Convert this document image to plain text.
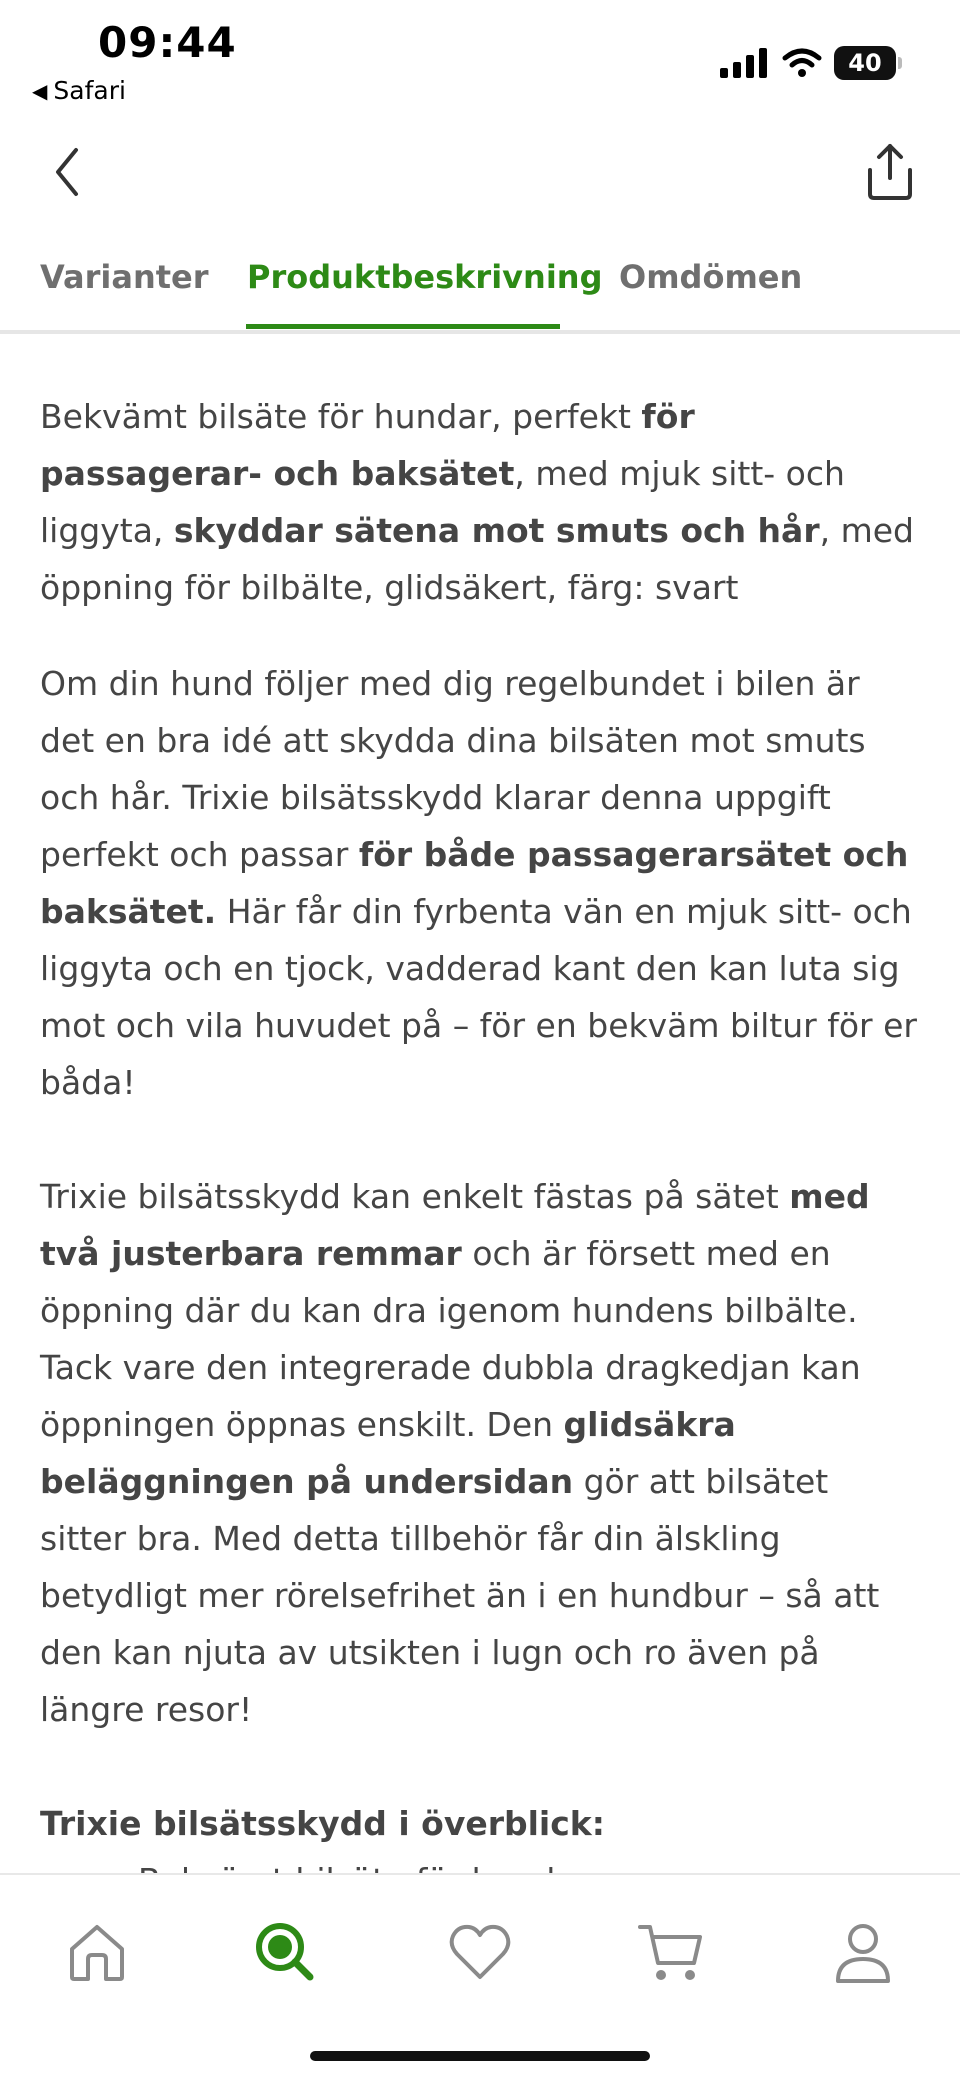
09:44
◀ Safari
40
Varianter Produktbeskrivning Omdömen

Bekvämt bilsäte för hundar, perfekt för passagerar- och baksätet, med mjuk sitt- och liggyta, skyddar sätena mot smuts och hår, med öppning för bilbälte, glidsäkert, färg: svart

Om din hund följer med dig regelbundet i bilen är det en bra idé att skydda dina bilsäten mot smuts och hår. Trixie bilsätsskydd klarar denna uppgift perfekt och passar för både passagerarsätet och baksätet. Här får din fyrbenta vän en mjuk sitt- och liggyta och en tjock, vadderad kant den kan luta sig mot och vila huvudet på – för en bekväm biltur för er båda!

Trixie bilsätsskydd kan enkelt fästas på sätet med två justerbara remmar och är försett med en öppning där du kan dra igenom hundens bilbälte. Tack vare den integrerade dubbla dragkedjan kan öppningen öppnas enskilt. Den glidsäkra beläggningen på undersidan gör att bilsätet sitter bra. Med detta tillbehör får din älskling betydligt mer rörelsefrihet än i en hundbur – så att den kan njuta av utsikten i lugn och ro även på längre resor!

Trixie bilsätsskydd i överblick:
